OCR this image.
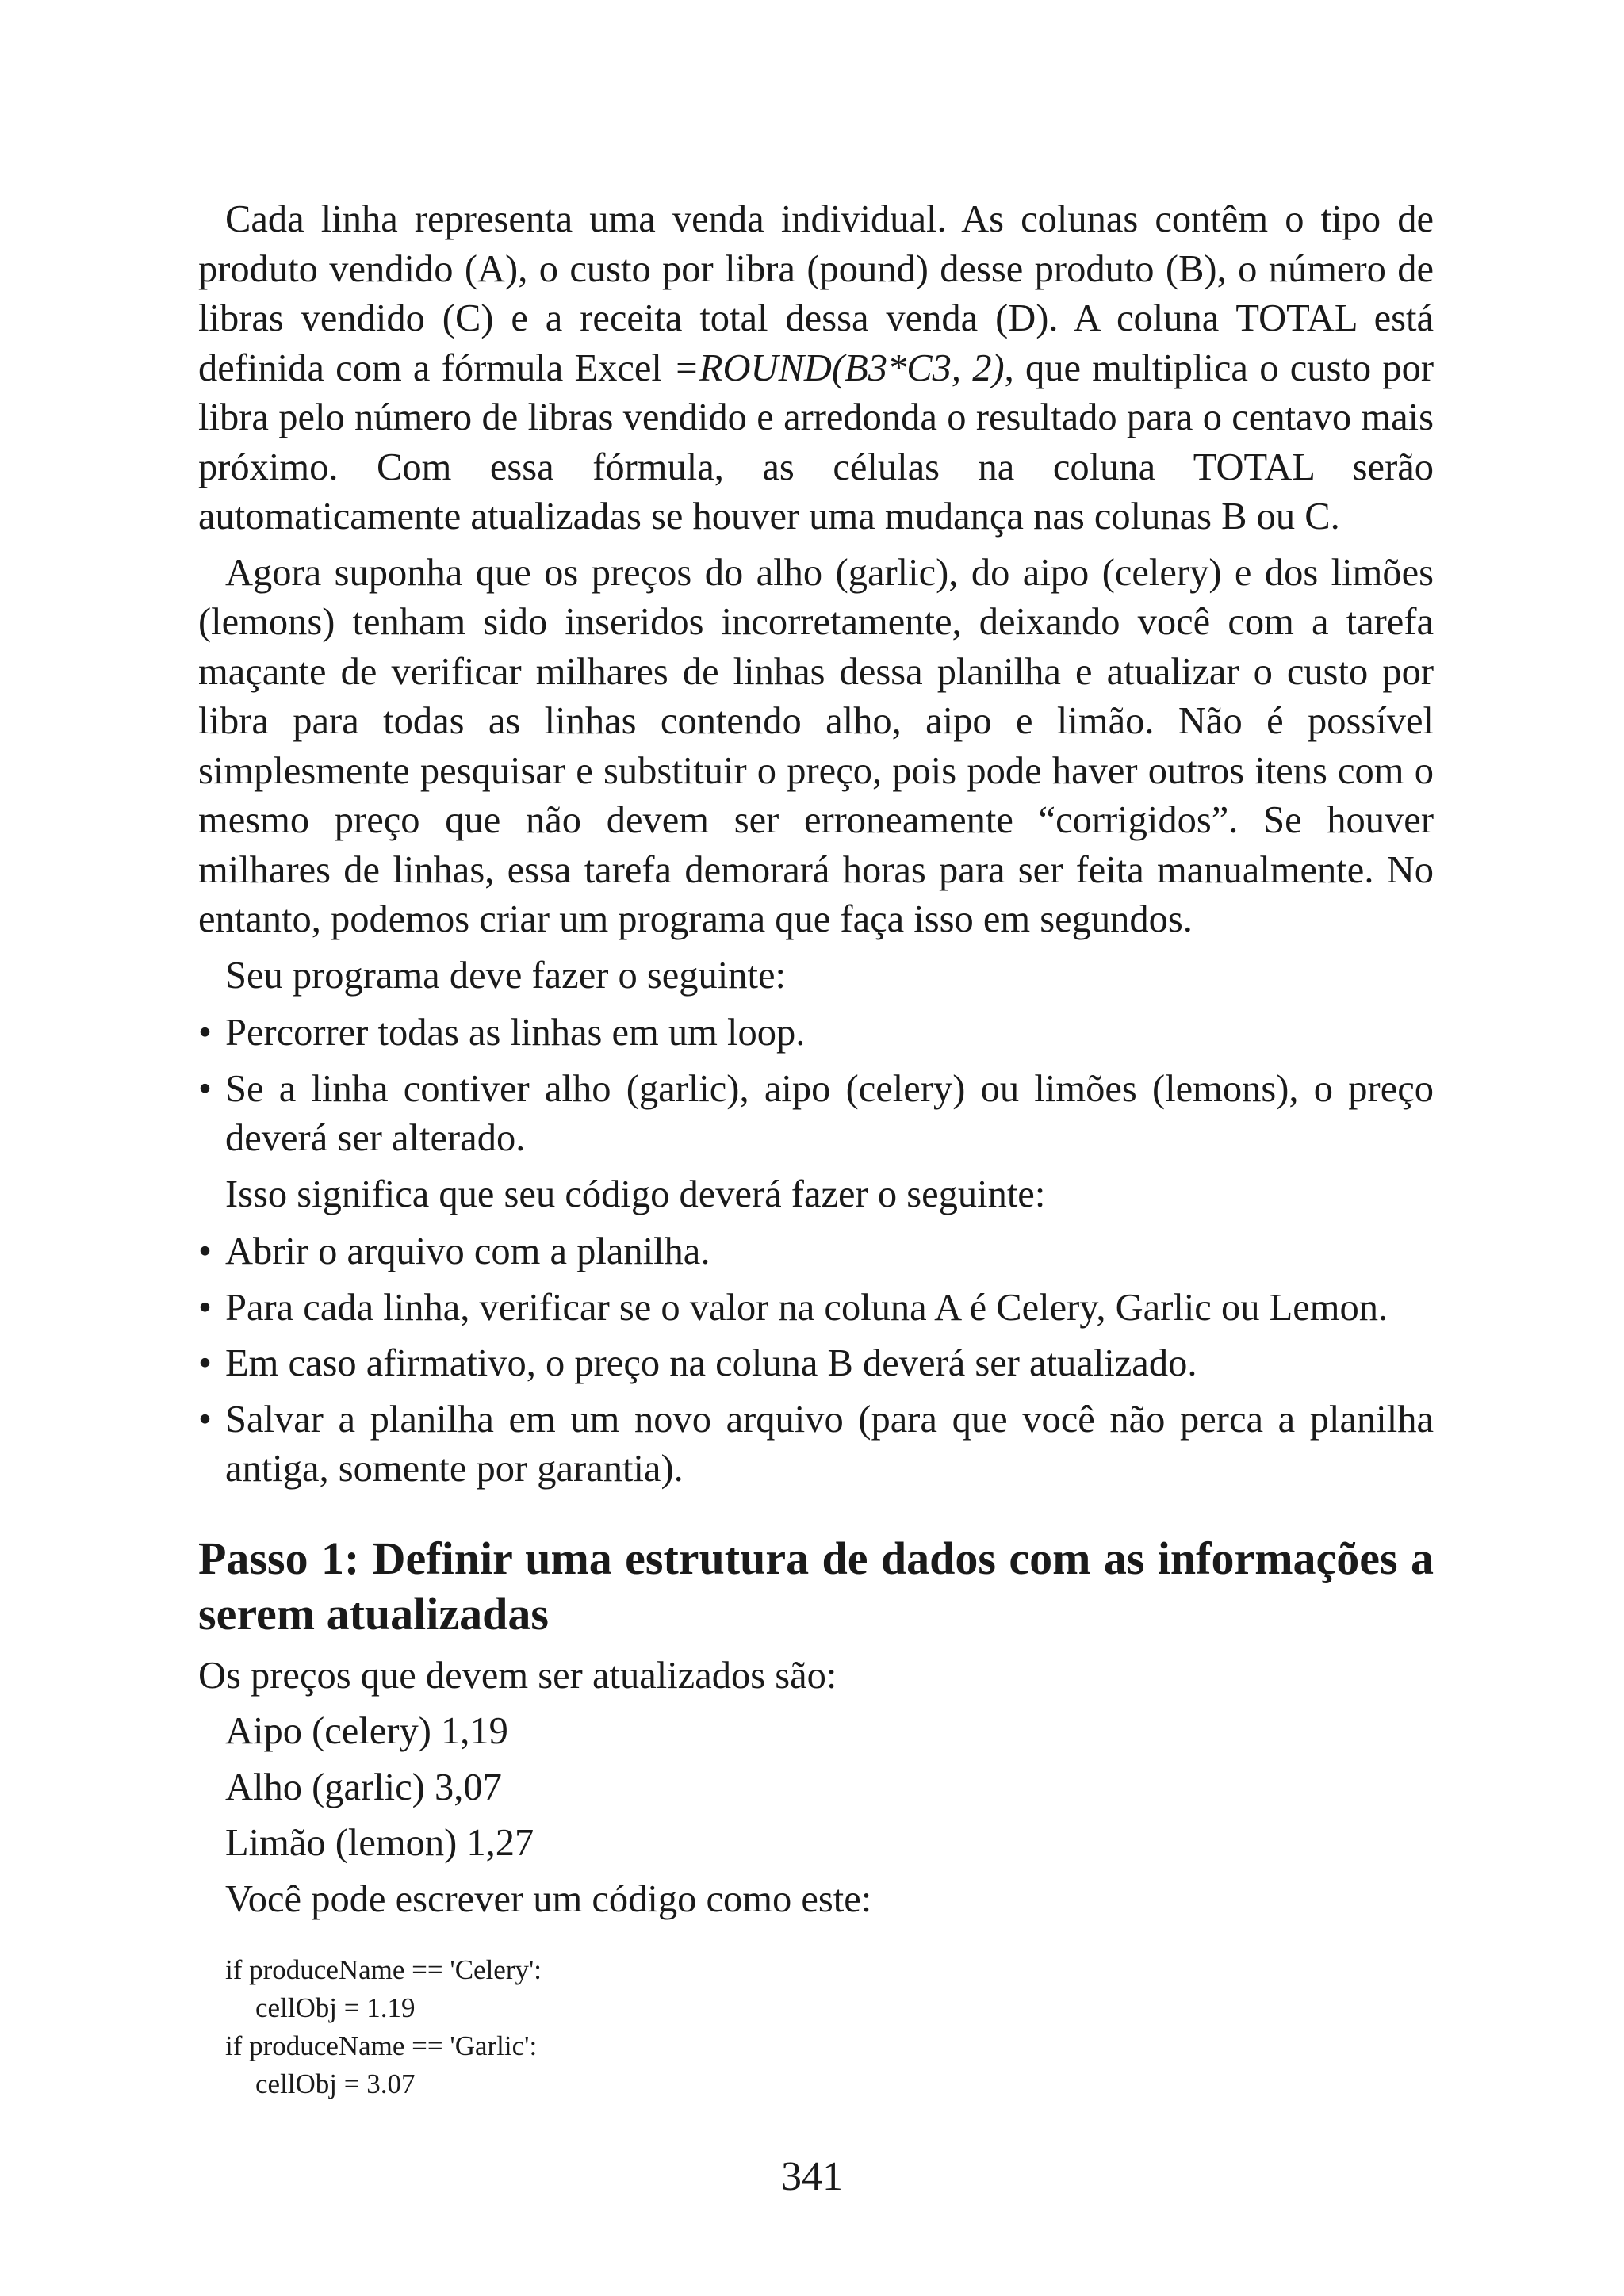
Cada linha representa uma venda individual. As colunas contêm o tipo de produto vendido (A), o custo por libra (pound) desse produto (B), o número de libras vendido (C) e a receita total dessa venda (D). A coluna TOTAL está definida com a fórmula Excel =ROUND(B3*C3, 2), que multiplica o custo por libra pelo número de libras vendido e arredonda o resultado para o centavo mais próximo. Com essa fórmula, as células na coluna TOTAL serão automaticamente atualizadas se houver uma mudança nas colunas B ou C.

Agora suponha que os preços do alho (garlic), do aipo (celery) e dos limões (lemons) tenham sido inseridos incorretamente, deixando você com a tarefa maçante de verificar milhares de linhas dessa planilha e atualizar o custo por libra para todas as linhas contendo alho, aipo e limão. Não é possível simplesmente pesquisar e substituir o preço, pois pode haver outros itens com o mesmo preço que não devem ser erroneamente “corrigidos”. Se houver milhares de linhas, essa tarefa demorará horas para ser feita manualmente. No entanto, podemos criar um programa que faça isso em segundos.

Seu programa deve fazer o seguinte:

• Percorrer todas as linhas em um loop.
• Se a linha contiver alho (garlic), aipo (celery) ou limões (lemons), o preço deverá ser alterado.

Isso significa que seu código deverá fazer o seguinte:

• Abrir o arquivo com a planilha.
• Para cada linha, verificar se o valor na coluna A é Celery, Garlic ou Lemon.
• Em caso afirmativo, o preço na coluna B deverá ser atualizado.
• Salvar a planilha em um novo arquivo (para que você não perca a planilha antiga, somente por garantia).
Passo 1: Definir uma estrutura de dados com as informações a serem atualizadas

Os preços que devem ser atualizados são:

Aipo (celery) 1,19

Alho (garlic) 3,07

Limão (lemon) 1,27

Você pode escrever um código como este:

if produceName == 'Celery':
cellObj = 1.19
if produceName == 'Garlic':
cellObj = 3.07
341
